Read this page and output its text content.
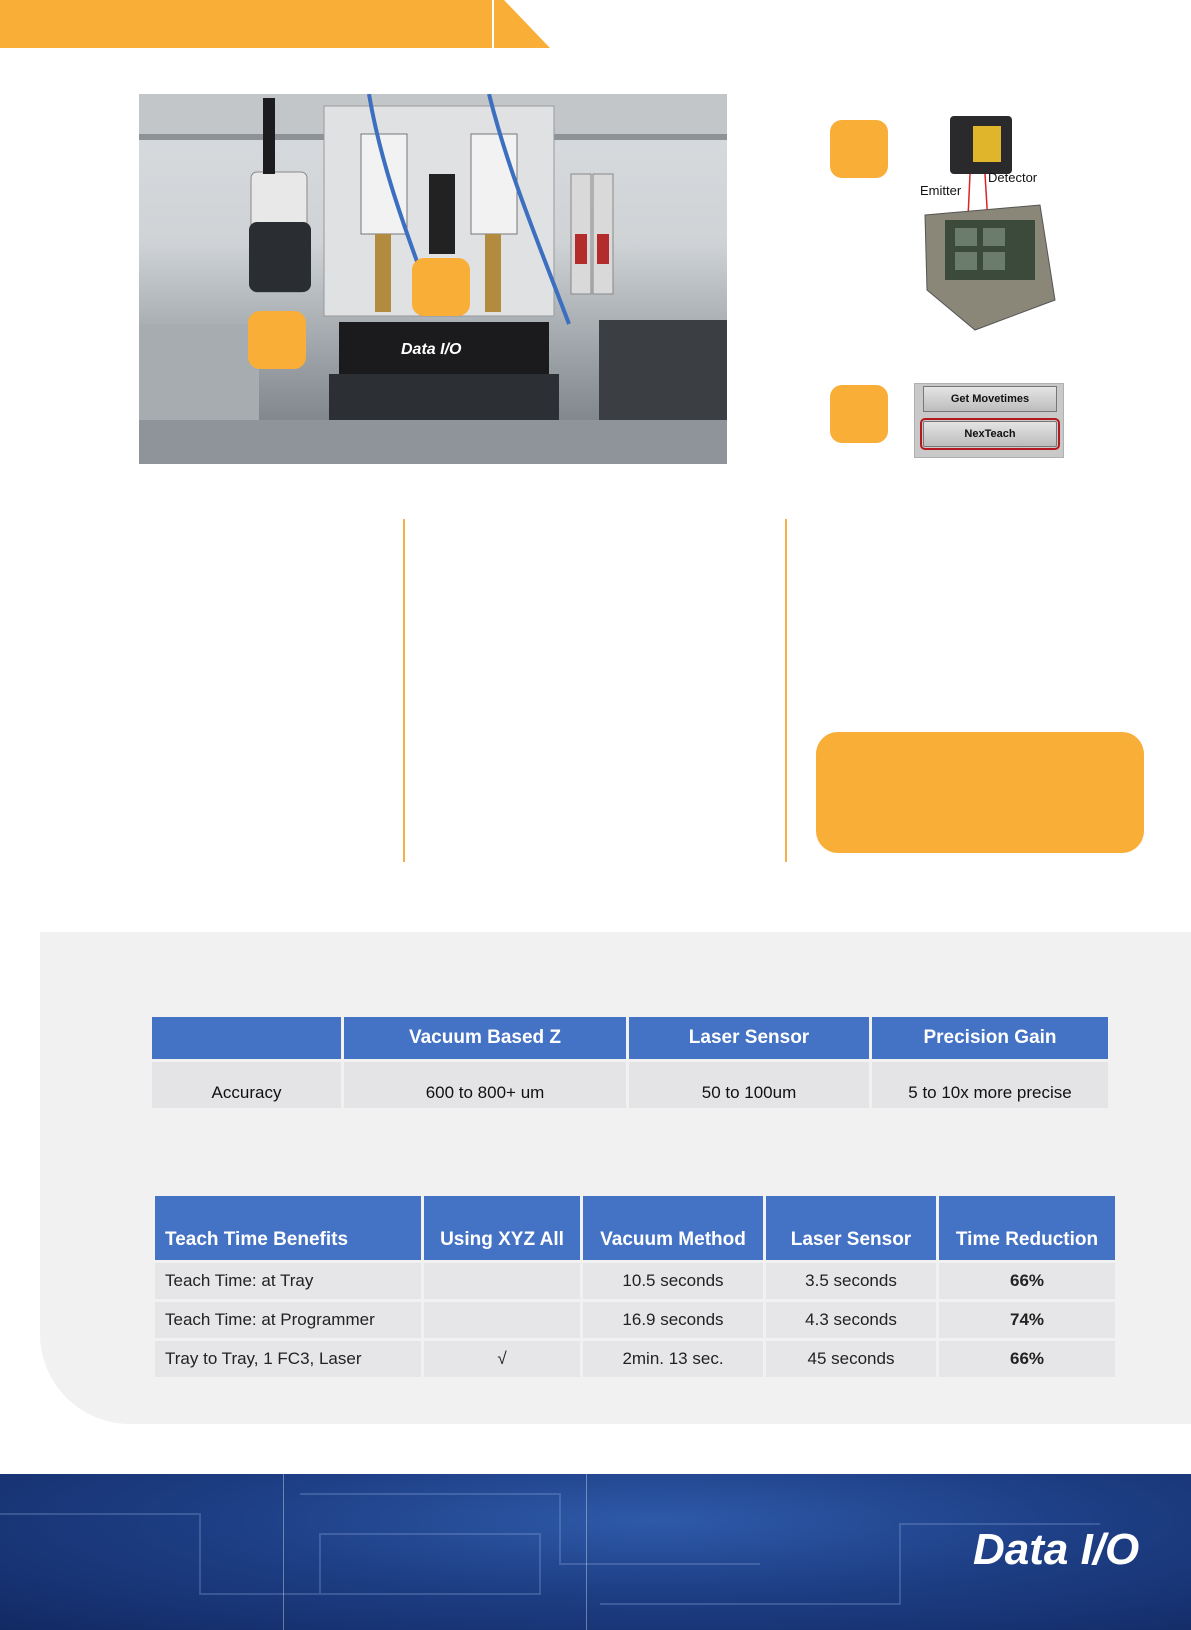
Data I/O
Emitter
Detector
Get Movetimes
NexTeach
	Vacuum Based Z	Laser Sensor	Precision Gain
Accuracy	600 to 800+ um	50 to 100um	5 to 10x more precise
Teach Time Benefits	Using XYZ All	Vacuum Method	Laser Sensor	Time Reduction
Teach Time: at Tray		10.5 seconds	3.5 seconds	66%
Teach Time: at Programmer		16.9 seconds	4.3 seconds	74%
Tray to Tray, 1 FC3, Laser	√	2min. 13 sec.	45 seconds	66%
Data I/O
